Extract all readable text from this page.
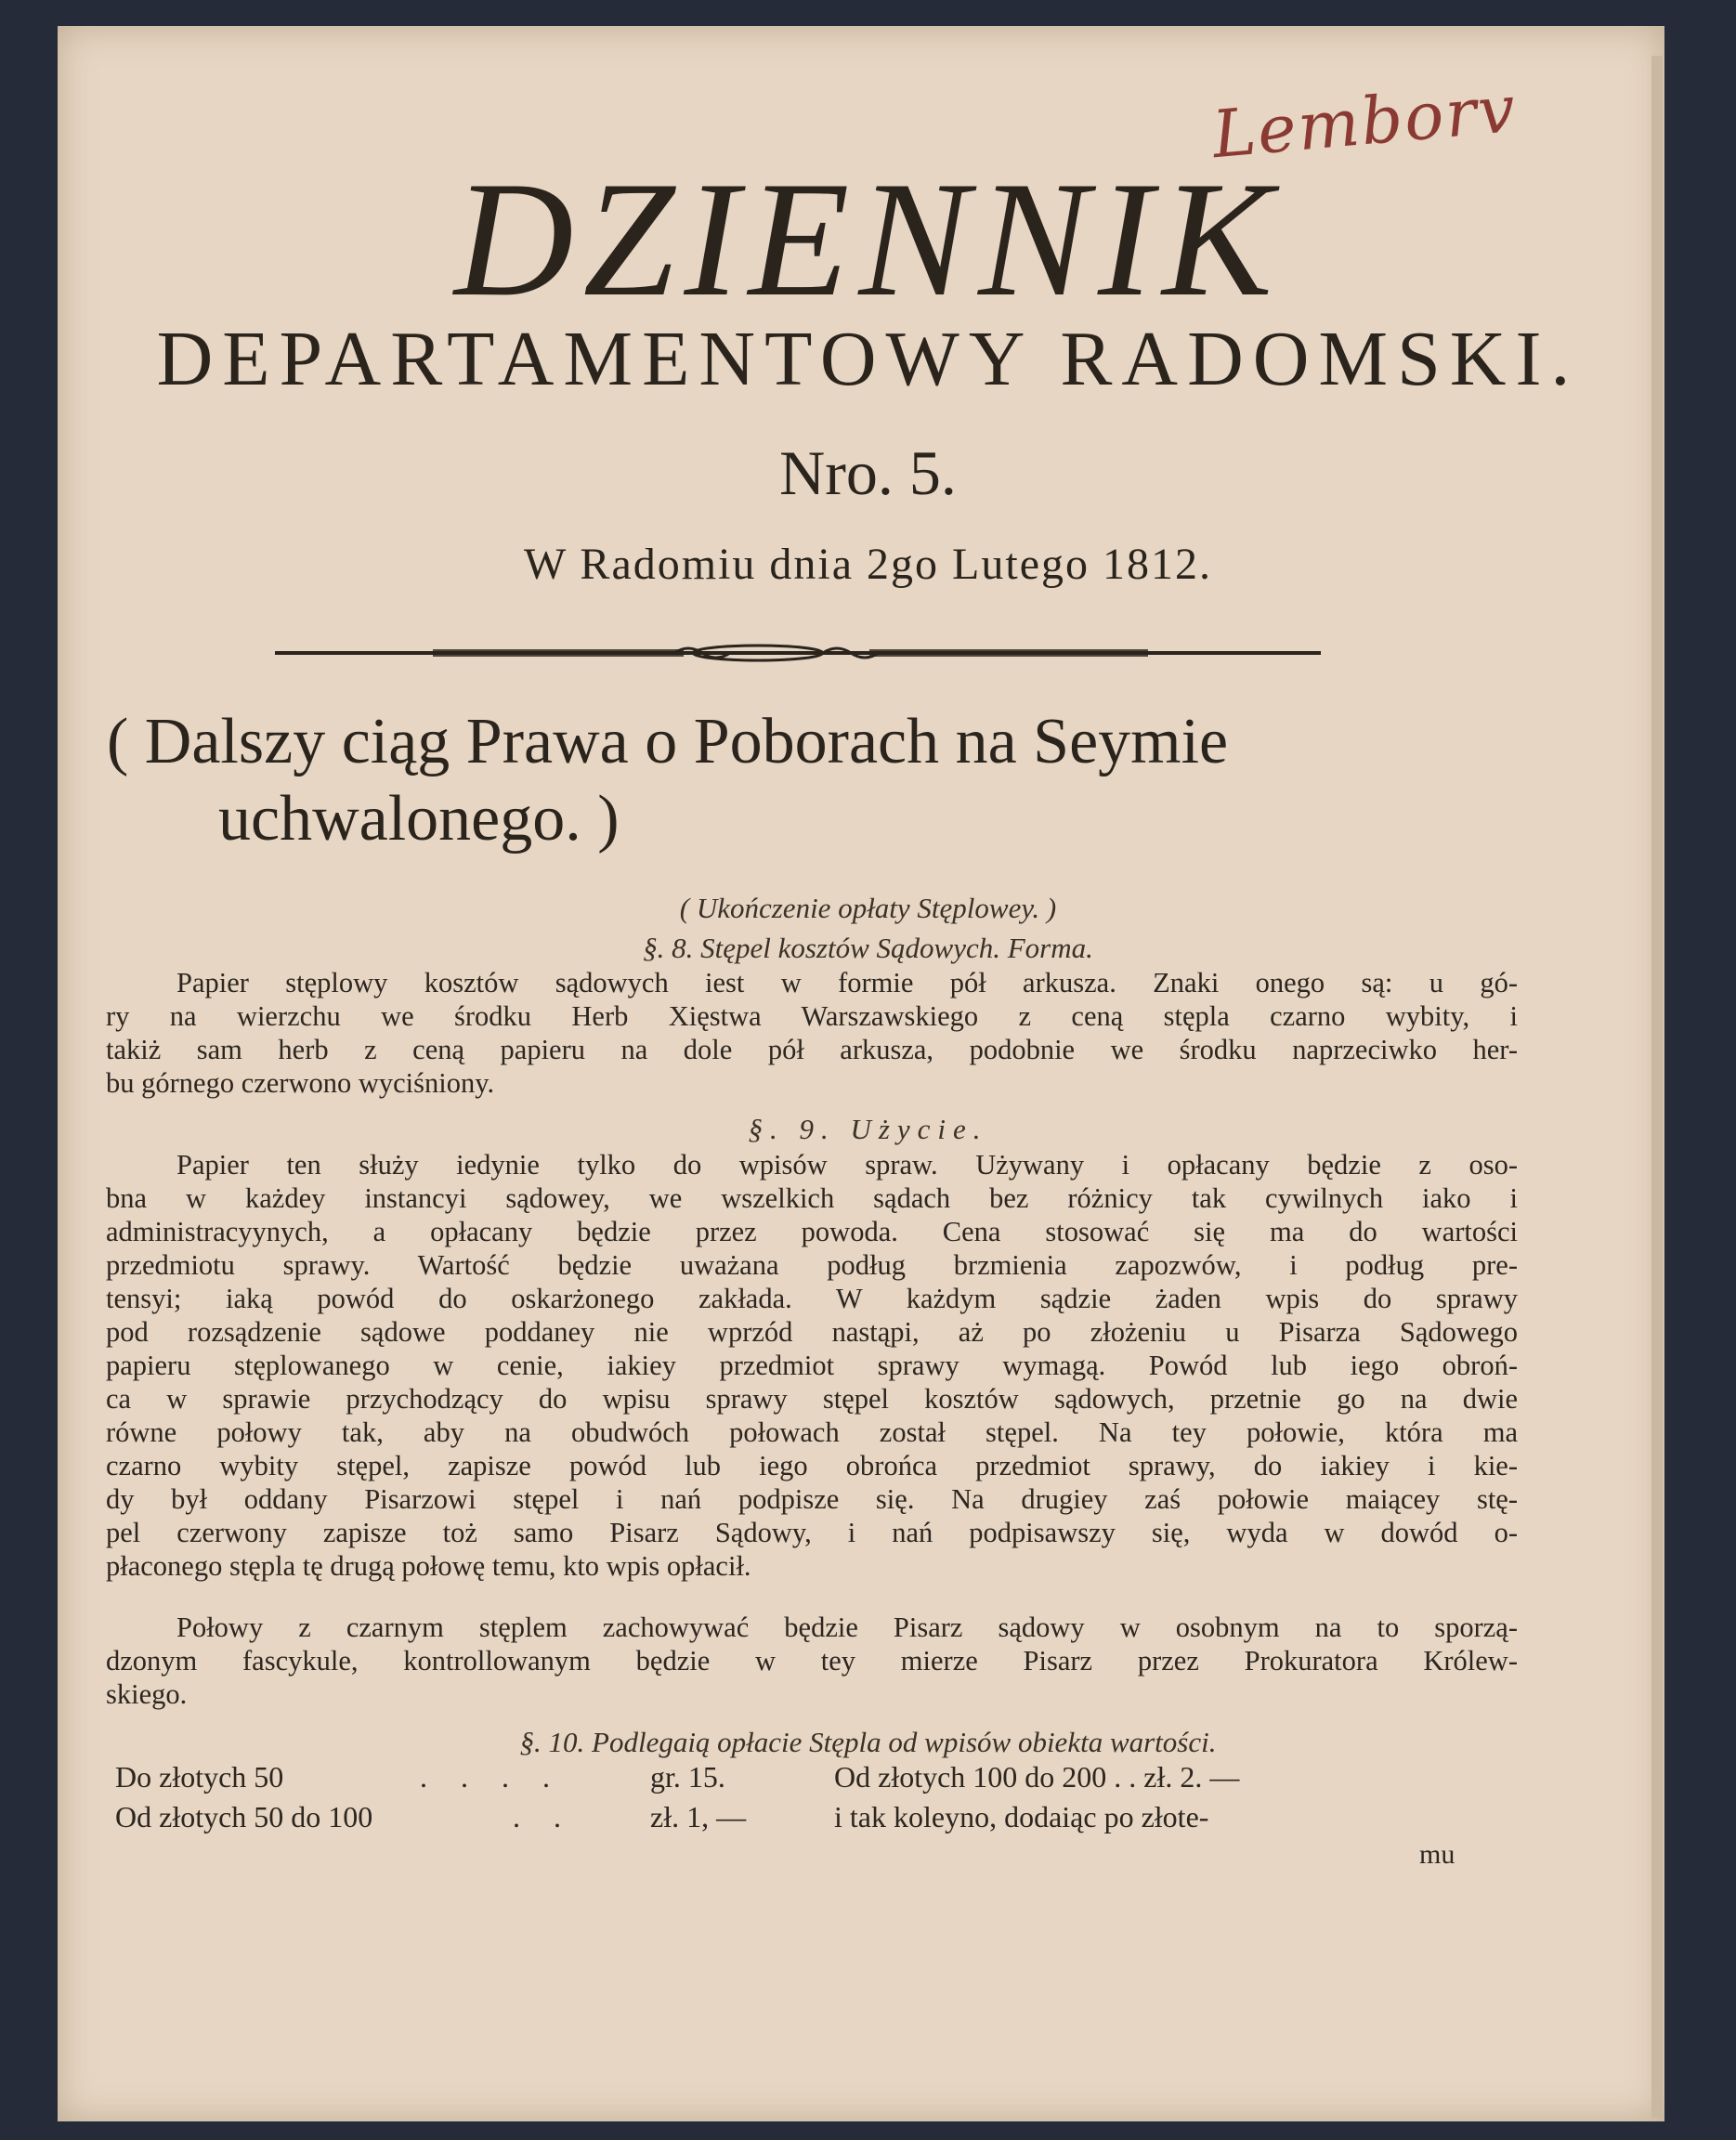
Lemborv
DZIENNIK
DEPARTAMENTOWY RADOMSKI.
Nro. 5.
W Radomiu dnia 2go Lutego 1812.
( Dalszy ciąg Prawa o Poborach na Seymie
uchwalonego. )
( Ukończenie opłaty Stęplowey. )
§. 8. Stępel kosztów Sądowych. Forma.
Papier stęplowy kosztów sądowych iest w formie pół arkusza. Znaki onego są: u gó-
ry na wierzchu we środku Herb Xięstwa Warszawskiego z ceną stępla czarno wybity, i
takiż sam herb z ceną papieru na dole pół arkusza, podobnie we środku naprzeciwko her-
bu górnego czerwono wyciśniony.
§. 9. Użycie.
Papier ten służy iedynie tylko do wpisów spraw. Używany i opłacany będzie z oso-
bna w każdey instancyi sądowey, we wszelkich sądach bez różnicy tak cywilnych iako i
administracyynych, a opłacany będzie przez powoda. Cena stosować się ma do wartości
przedmiotu sprawy. Wartość będzie uważana podług brzmienia zapozwów, i podług pre-
tensyi; iaką powód do oskarżonego zakłada. W każdym sądzie żaden wpis do sprawy
pod rozsądzenie sądowe poddaney nie wprzód nastąpi, aż po złożeniu u Pisarza Sądowego
papieru stęplowanego w cenie, iakiey przedmiot sprawy wymagą. Powód lub iego obroń-
ca w sprawie przychodzący do wpisu sprawy stępel kosztów sądowych, przetnie go na dwie
równe połowy tak, aby na obudwóch połowach został stępel. Na tey połowie, która ma
czarno wybity stępel, zapisze powód lub iego obrońca przedmiot sprawy, do iakiey i kie-
dy był oddany Pisarzowi stępel i nań podpisze się. Na drugiey zaś połowie maiącey stę-
pel czerwony zapisze toż samo Pisarz Sądowy, i nań podpisawszy się, wyda w dowód o-
płaconego stępla tę drugą połowę temu, kto wpis opłacił.
Połowy z czarnym stęplem zachowywać będzie Pisarz sądowy w osobnym na to sporzą-
dzonym fascykule, kontrollowanym będzie w tey mierze Pisarz przez Prokuratora Królew-
skiego.
§. 10. Podlegaią opłacie Stępla od wpisów obiekta wartości.
Do złotych 50	. . . .	gr. 15.	Od złotych 100 do 200 . . zł. 2. —
Od złotych 50 do 100	. .	zł. 1, —	i tak koleyno, dodaiąc po złote-
mu
